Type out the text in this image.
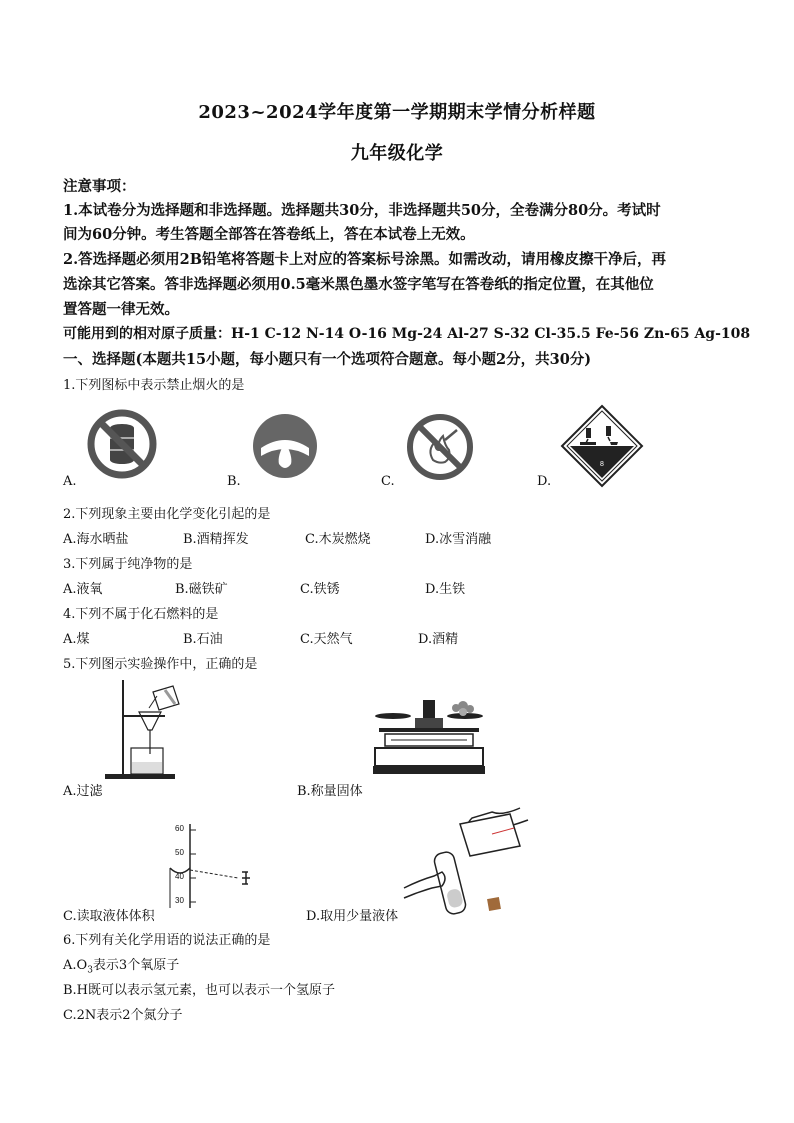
2023~2024学年度第一学期期末学情分析样题
九年级化学
注意事项：
1.本试卷分为选择题和非选择题。选择题共30分，非选择题共50分，全卷满分80分。考试时
间为60分钟。考生答题全部答在答卷纸上，答在本试卷上无效。
2.答选择题必须用2B铅笔将答题卡上对应的答案标号涂黑。如需改动，请用橡皮擦干净后，再
选涂其它答案。答非选择题必须用0.5毫米黑色墨水签字笔写在答卷纸的指定位置，在其他位
置答题一律无效。
可能用到的相对原子质量：H-1 C-12 N-14 O-16 Mg-24 Al-27 S-32 Cl-35.5 Fe-56 Zn-65 Ag-108
一、选择题(本题共15小题，每小题只有一个选项符合题意。每小题2分，共30分)
1.下列图标中表示禁止烟火的是
A.	B.	C.
8
D.
2.下列现象主要由化学变化引起的是
A.海水晒盐	B.酒精挥发	C.木炭燃烧	D.冰雪消融
3.下列属于纯净物的是
A.液氧	B.磁铁矿	C.铁锈	D.生铁
4.下列不属于化石燃料的是
A.煤	B.石油	C.天然气	D.酒精
5.下列图示实验操作中，正确的是
A.过滤	B.称量固体
60
50
40
30
C.读取液体体积	D.取用少量液体
6.下列有关化学用语的说法正确的是
$A.O_3$表示3个氧原子
B.H既可以表示氢元素，也可以表示一个氢原子
C.2N表示2个氮分子
